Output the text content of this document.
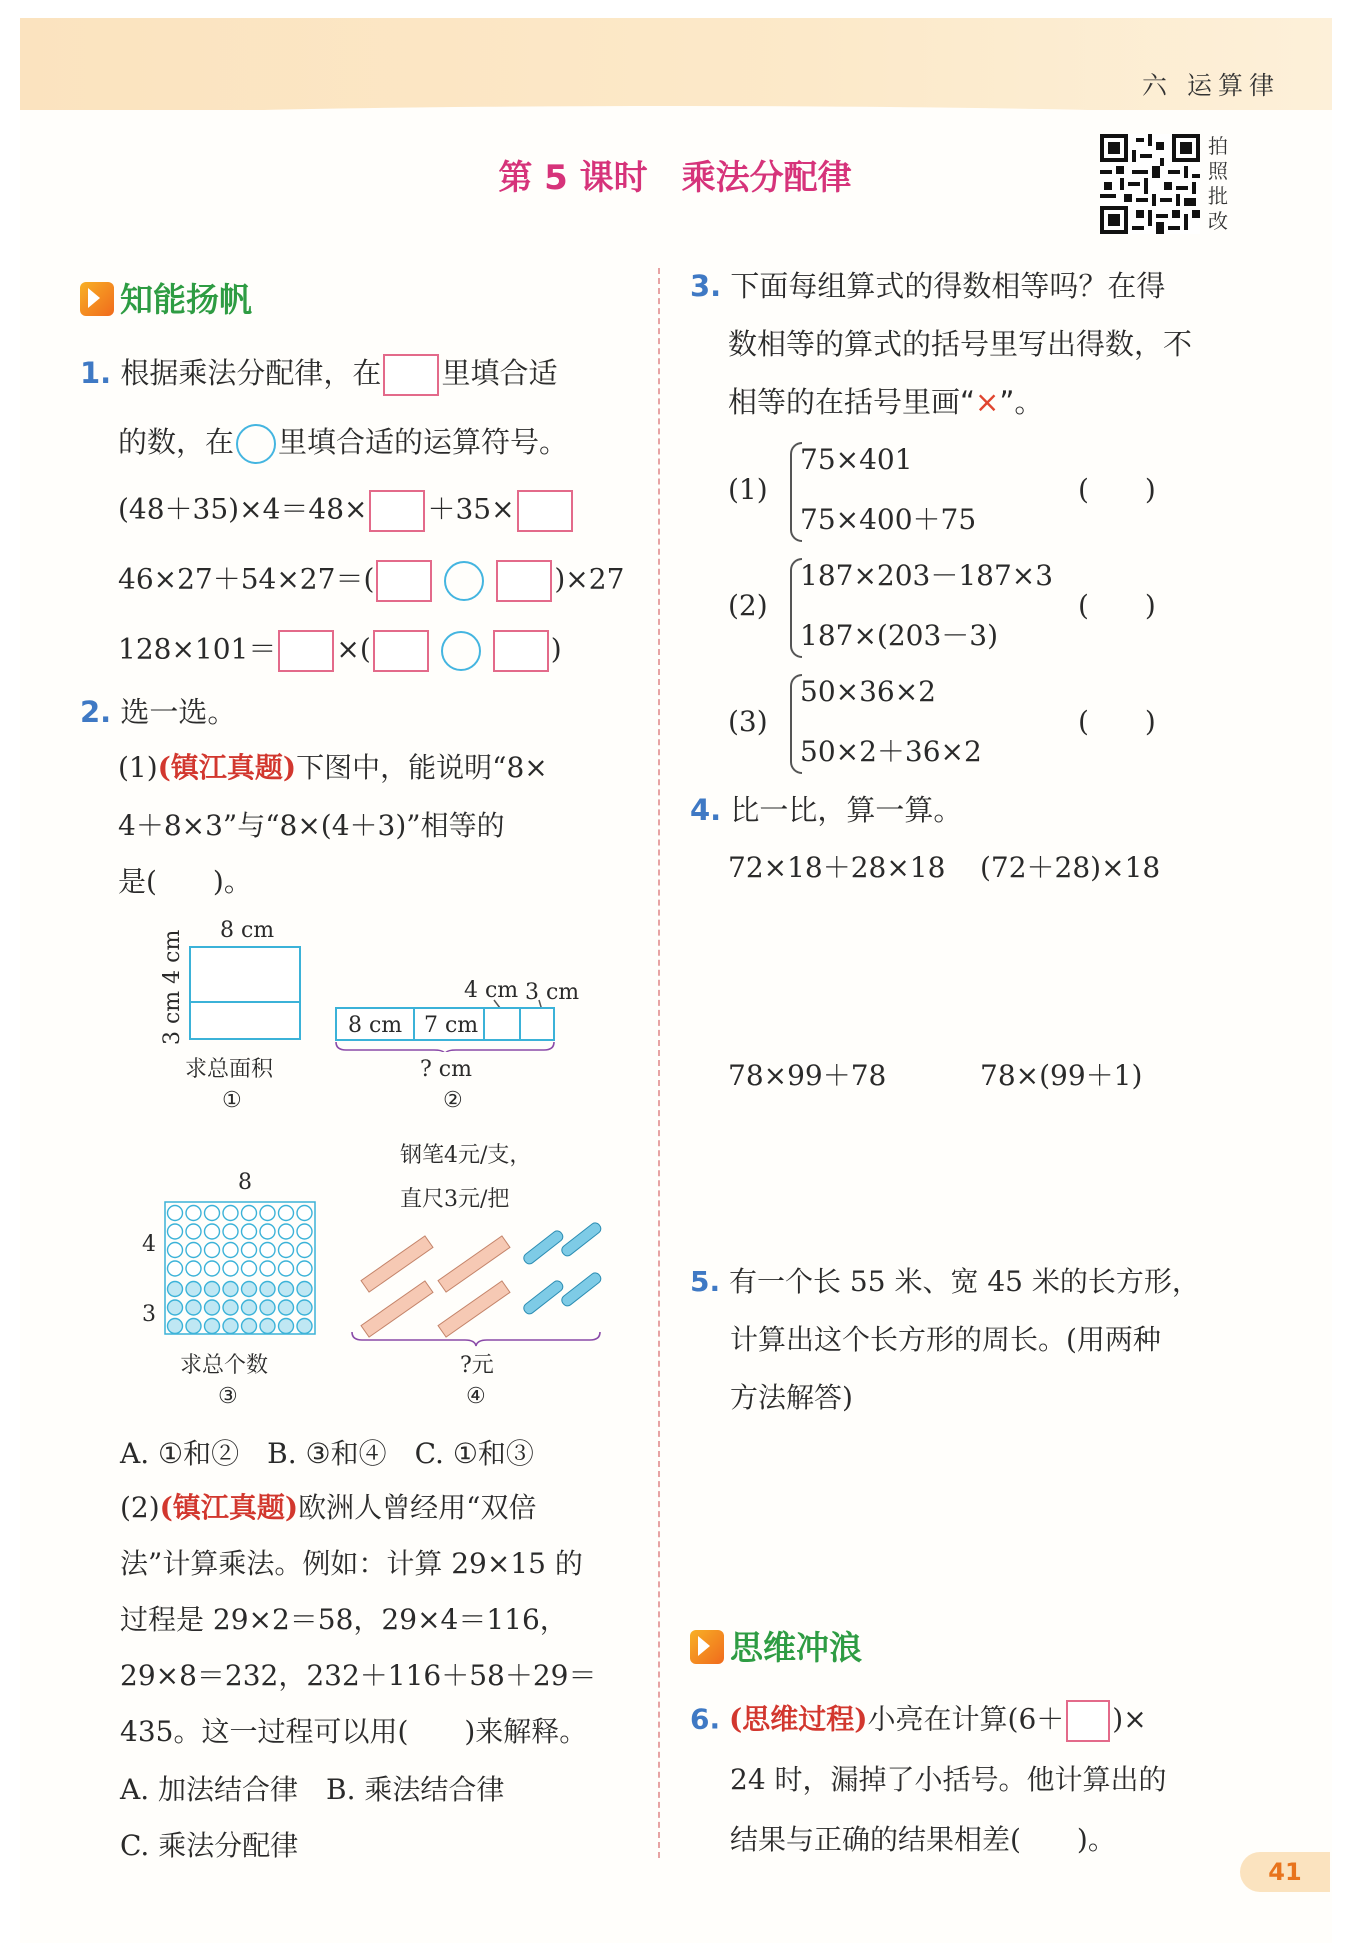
六 运算律
第 5 课时 乘法分配律
拍照批改
知能扬帆
1. 根据乘法分配律，在 里填合适
的数，在 里填合适的运算符号。
(48＋35)×4＝48× ＋35×
46×27＋54×27＝(	)×27
128×101＝ ×(	)
2. 选一选。
(1)(镇江真题)下图中，能说明“8×
4＋8×3”与“8×(4＋3)”相等的
是(　　)。
8 cm
3 cm 4 cm
求总面积
①
4 cm 3 cm
8 cm 7 cm
? cm
②
8
4
3
求总个数
③
钢笔4元/支，
直尺3元/把
?元
④
A. ①和②　B. ③和④　C. ①和③
(2)(镇江真题)欧洲人曾经用“双倍
法”计算乘法。例如：计算 29×15 的
过程是 29×2＝58，29×4＝116，
29×8＝232，232＋116＋58＋29＝
435。这一过程可以用(　　)来解释。
A. 加法结合律　B. 乘法结合律
C. 乘法分配律
3. 下面每组算式的得数相等吗？在得
数相等的算式的括号里写出得数，不
相等的在括号里画“×”。
(1)
75×401
75×400＋75
(　　)
(2)
187×203－187×3
187×(203－3)
(　　)
(3)
50×36×2
50×2＋36×2
(　　)
4. 比一比，算一算。
72×18＋28×18 (72＋28)×18
78×99＋78	78×(99＋1)
5. 有一个长 55 米、宽 45 米的长方形，
计算出这个长方形的周长。(用两种
方法解答)
思维冲浪
6. (思维过程)小亮在计算(6＋ )×
24 时，漏掉了小括号。他计算出的
结果与正确的结果相差(　　)。
41
